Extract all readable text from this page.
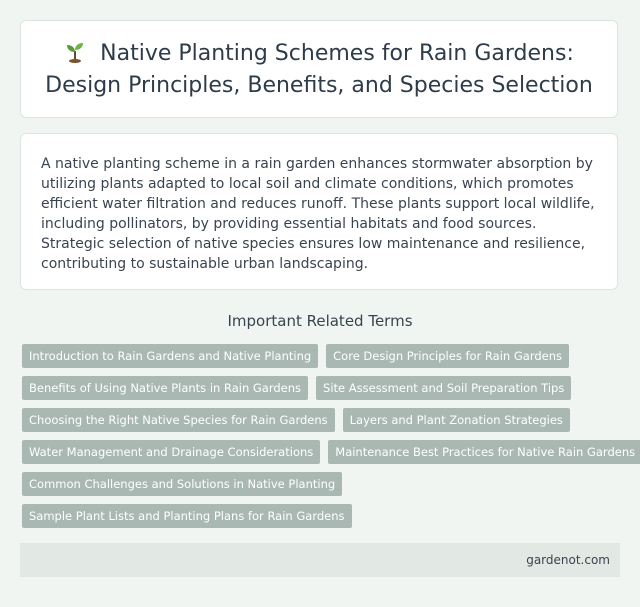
Native Planting Schemes for Rain Gardens: Design Principles, Benefits, and Species Selection

A native planting scheme in a rain garden enhances stormwater absorption by utilizing plants adapted to local soil and climate conditions, which promotes efficient water filtration and reduces runoff. These plants support local wildlife, including pollinators, by providing essential habitats and food sources. Strategic selection of native species ensures low maintenance and resilience, contributing to sustainable urban landscaping.

Important Related Terms
Introduction to Rain Gardens and Native Planting	Core Design Principles for Rain Gardens
Benefits of Using Native Plants in Rain Gardens	Site Assessment and Soil Preparation Tips
Choosing the Right Native Species for Rain Gardens	Layers and Plant Zonation Strategies
Water Management and Drainage Considerations	Maintenance Best Practices for Native Rain Gardens
Common Challenges and Solutions in Native Planting
Sample Plant Lists and Planting Plans for Rain Gardens
gardenot.com
